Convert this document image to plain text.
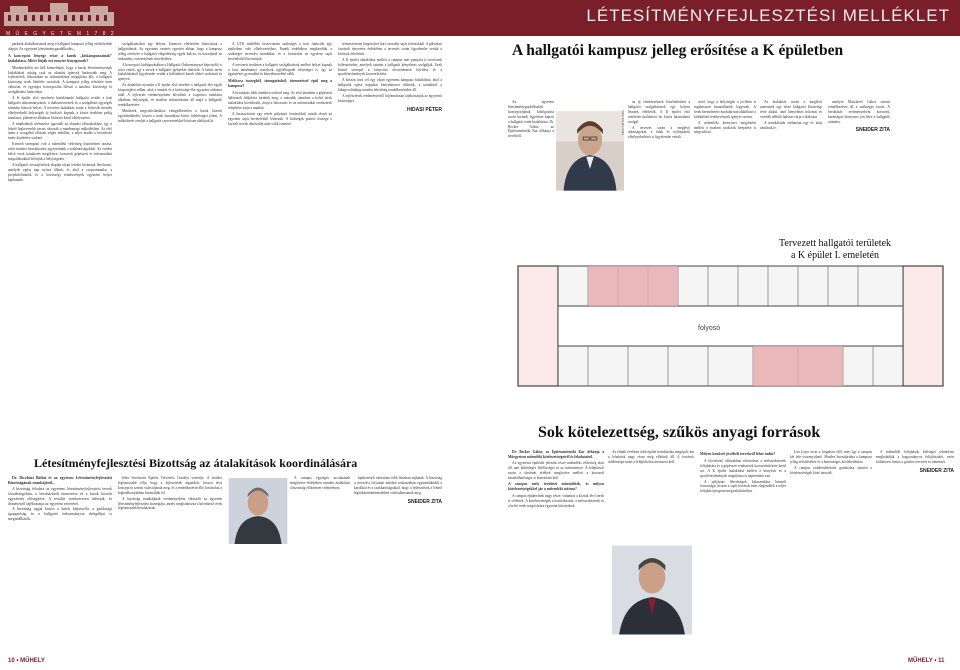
M Ű E G Y E T E M 1 7 8 2
LÉTESÍTMÉNYFEJLESZTÉSI MELLÉKLET

parknak alakulhassanak meg a hallgatói kampusz jelleg erősítésének alapjai. Az egyetemi létesítménygazdálkodás...

A koncepció lényege része a karok „kiskampuszainak” kialakítása. Miért látják ezt ennyire lényegesnek?

Mindenekelőtt azt kell kiemelnünk, hogy a karok létesítményeinek kialakítását sokáig csak az oktatási igények határozták meg. A fejlesztések fókuszában az infrastruktúra megújítása állt, a hallgatói közösségi terek háttérbe szorultak. A kampusz jelleg erősítése ezen változtat, és egységes koncepcióba illeszti a tanulási, közösségi és szolgáltatási funkciókat.

A K épület első emeletén kialakítandó hallgatói terület a kari hallgatói önkormányzatok, a diákszervezetek és a szolgáltató egységek számára biztosít helyet. A tervezett átalakítás során a folyosók mentén elhelyezkedő helyiségek új funkciót kapnak, a közös terekben pedig tanulásra, pihenésre alkalmas bútorzat kerül elhelyezésre.

A munkálatok ütemezése igazodik az oktatási időszakokhoz, így a lehető legkevesebb zavart okozzák a mindennapi működésben. Az első ütem a szorgalmi időszak végén indulhat, a teljes átadás a következő tanév kezdetére várható.

Kiemelt szempont volt a műemléki védettség tiszteletben tartása, ezért minden beavatkozást egyeztettünk a szakhatóságokkal. Az eredeti belső terek karakterét megőrizve, korszerű gépészeti és informatikai megoldásokkal bővítjük a helyiségeket.

A hallgatói visszajelzések alapján olyan tereket kívánunk létrehozni, amelyek egész nap nyitva állnak, és ahol a csoportmunka, a projektfeladatok és a közösségi rendezvények egyaránt helyet kaphatnak.

szolgáltatásokat egy helyen, könnyen elérhetően biztosítsuk a hallgatóknak. Az egyetemi vezetés egyetért abban, hogy a kampusz jelleg erősítése a hallgatói elégedettség egyik kulcsa, és hozzájárul az intézmény vonzerejének növeléséhez.

A koncepció kidolgozásában a Hallgatói Önkormányzat képviselői is részt vettek, így a tervek a hallgatói igényeket tükrözik. A közös terek kialakításánál figyelembe vettük a különböző karok eltérő szokásait és igényeit.

Az átalakítás nyomán a K épület első emelete a hallgatói élet egyik központjává válhat, ahol a tanulás és a közösségi élet egyaránt otthonra talál. A fejlesztés eredményeként bővülnek a csoportos tanulásra alkalmas helyiségek, és modern infrastruktúra áll majd a hallgatók rendelkezésére.

Mindezek megvalósításához elengedhetetlen a karok közötti együttműködés, hiszen a terek használata közös felelősséget jelent. A működtetés rendjét a hallgatói szervezetekkel közösen alakítjuk ki.

A GTK mielőbbi összevonása szükséges a kari funkciók egy épületben való elhelyezéséhez. Ennek érdekében megkezdtük a szükséges tervezési munkákat, és a forrásokat az egyetem saját bevételeiből biztosítjuk.

A tervezett területen a hallgatói szolgáltatások mellett helyet kapnak a kari tanulmányi osztályok ügyfélfogadó helyiségei is, így az ügyintézés gyorsabbá és kényelmesebbé válik.

Mekkora összegből, támogatásból, ütemezéssel épül meg a kampusz?

A beruházás több ütemben valósul meg. Az első ütemben a gépészeti hálózatok felújítása történik meg, a második ütemben a belső terek átalakítása következik, majd a bútorozás és az informatikai rendszerek telepítése zárja a munkát.

A finanszírozás egy részét pályázati forrásokból, másik részét az egyetem saját bevételeiből fedezzük. A költségek pontos összege a kiviteli tervek elkészülte után válik ismertté.

termeszetesen kiegészítve kari, tanszéki saját forrásokkal. A pályázati források elnyerése érdekében a tervezés során figyelembe vettük a kiírások feltételeit.

A K épület átalakítása mellett a campus más pontjain is terveznek fejlesztéseket, amelyek szintén a hallgatói kényelmet szolgálják. Ezek között szerepel a könyvtári olvasótermek bővítése és a sportlétesítmények korszerűsítése.

A hosszú távú cél egy olyan egyetemi kampusz kialakítása, ahol a hallgatók egész napjukat kényelmesen tölthetik, a tanulástól a kikapcsolódásig minden lehetőség rendelkezésükre áll.

A fejlesztések eredményeiről folyamatosan tájékoztatjuk az egyetemi közösséget.

HIDASI PÉTER
A hallgatói kampusz jelleg erősítése a K épületben
Fotó: Kovács Attila

Az egyetem létesítménygazdálkodási koncepciójának kidolgozása során kiemelt figyelmet kapott a hallgatói terek kialakítása. Dr. Becker Gábor, az Építészmérnöki Kar dékánja a tervekről.

az új elrendezésnek köszönhetően a hallgatói szolgáltatások egy helyen lesznek elérhetők. A K épület első emeletén kialakított tér közös használatra szolgál.

A tervezés során a meglévő adottságokat, a falak és nyílászárók elhelyezkedését is figyelembe vettük.

arról, hogy a helyiségek a jövőben is rugalmasan használhatók legyenek. A terek berendezése modulárisan alakítható a különböző rendezvények igényei szerint.

A műemléki környezet megőrzése mellett a modern funkciók beépítése is megvalósul.

Az átalakítás során a meglévő tantermek egy része hallgatói közösségi térré alakul, ahol kényelmes bútorzat és vezeték nélküli hálózat várja a diákokat.

A munkálatok várhatóan egy év alatt zárulnak le.

amelyre Maszlavér Gábor szerint rendelkezésre áll a szükséges forrás. A beruházás eredményeként korszerű, barátságos környezet jön létre a hallgatók számára.

SNEIDER ZITA
folyosó
Tervezett hallgatói területek
a K épület I. emeletén
Létesítményfejlesztési Bizottság az átalakítások koordinálására

Dr. Diczházi Bálint és az egyetem Létesítményfejlesztési Bizottságának munkájáról...

A bizottság feladata az egyetemi létesítményfejlesztési tervek összehangolása, a beruházások ütemezése és a karok közötti egyeztetés elősegítése. A testület rendszeresen ülésezik, és döntéseiről tájékoztatja az egyetem vezetését.

A bizottság tagjai között a karok képviselői, a gazdasági igazgatóság és a hallgatói önkormányzat delegáltjai is megtalálhatók.

lehet létrehozni Építési Tervezési Osztályt vezetője. A testület legfontosabb célja, hogy a fejlesztések átgondolt, hosszú távú koncepció szerint valósuljanak meg, és a rendelkezésre álló forrásokat a leghatékonyabban használják fel.

A bizottság munkájának eredményeként elkészült az egyetem létesítményfejlesztési stratégiája, amely meghatározza a következő évek legfontosabb beruházásait.

A campus egységes arculatának megőrzése érdekében minden átalakítást a bizottság előzetesen véleményez.

építkezések várhatóan több fázisban zajlanak. A bizottság a tervezési folyamat minden szakaszában együttműködik a karokkal és a szakhatóságokkal, hogy a fejlesztések a lehető legzökkenőmentesebben valósulhassanak meg.

SNEIDER ZITA
Sok kötelezettség, szűkös anyagi források

Dr. Becker Gábor, az Építészmérnöki Kar dékánja a Műegyetem műemléki kötelezettségeiről és feladatairól.

Az egyetemi épületek jelentős része műemléki védettség alatt áll, ami különleges felelősséget ró az intézményre. A felújítások során a történeti értékek megőrzése mellett a korszerű használhatóságot is biztosítani kell.

A campus mely területei műemlékek, és milyen kötelezettségekkel jár a műemléki státusz?

A campus épületeinek nagy része, valamint a köztük lévő terek is védettek. A kötelezettségek a homlokzatok, a tetőszerkezetek és a belső terek megóvására egyaránt kiterjednek.

Az elmúlt években több épület homlokzata megújult, ám a feladatok nagy része még előttünk áll. A források szűkössége miatt a felújításokat ütemezni kell.

Milyen konkrét jövőbeli tervekről lehet tudni?

A következő időszakban elsősorban a tetőszerkezetek felújítására és a gépészeti rendszerek korszerűsítésére kerül sor. A K épület átalakítása mellett a könyvtár és a sportlétesítmények megújítása is napirenden van.

A pályázati lehetőségek kihasználása kiemelt fontosságú, hiszen a saját források nem elegendőek a teljes felújítási program megvalósításához.

Lan Lajos utcai a forgalom elől, mert így a campus két fele összenyitható. Mindez hozzájárulna a kampusz jelleg erősítéséhez és a biztonságos közlekedéshez.

A campus zöldterületeinek gondozása szintén a kötelezettségek közé tartozik.

A műemléki felújítások költségei jelentősen meghaladják a hagyományos felújításokét, ezért különösen fontos a gondos tervezés és ütemezés.

SNEIDER ZITA
10 • MŰHELY	MŰHELY • 11
